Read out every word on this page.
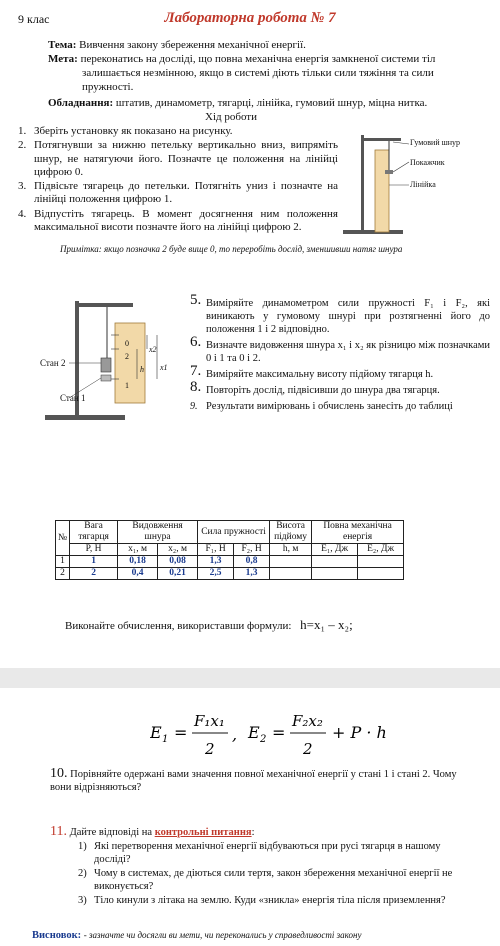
9 клас	Лабораторна робота № 7
Тема: Вивчення закону збереження механічної енергії.
Мета: переконатись на досліді, що повна механічна енергія замкненої системи тіл
залишається незмінною, якщо в системі діють тільки сили тяжіння та сили
пружності.
Обладнання: штатив, динамометр, тягарці, лінійка, гумовий шнур, міцна нитка.
Хід роботи
1. Зберіть установку як показано на рисунку.
2. Потягнувши за нижню петельку вертикально вниз, випряміть шнур, не натягуючи його. Позначте це положення на лінійці цифрою 0.
3. Підвісьте тягарець до петельки. Потягніть униз і позначте на лінійці положення цифрою 1.
4. Відпустіть тягарець. В момент досягнення ним положення максимальної висоти позначте його на лінійці цифрою 2.
Гумовий шнур
Покажчик
Лінійка
Примітка: якщо позначка 2 буде вище 0, то переробіть дослід, зменшивши натяг шнура
Стан 2
Стан 1
0
2
1
x2
x1
h
5. Виміряйте динамометром сили пружності F₁ і F₂, які виникають у гумовому шнурі при розтягненні його до положення 1 і 2 відповідно.
6. Визначте видовження шнура x₁ і x₂ як різницю між позначками 0 і 1 та 0 і 2.
7. Виміряйте максимальну висоту підйому тягарця h.
8. Повторіть дослід, підвісивши до шнура два тягарця.
9. Результати вимірювань і обчислень занесіть до таблиці
№	Вага тягарця	Видовження шнура		Сила пружності		Висота підйому	Повна механічна енергія	
	P, Н	x₁, м	x₂, м	F₁, Н	F₂, Н	h, м	E₁, Дж	E₂, Дж
1	1	0,18	0,08	1,3	0,8			
2	2	0,4	0,21	2,5	1,3			
Виконайте обчислення, використавши формули: h=x₁ – x₂;
E 1 =
F₁x₁
2
, E 2 =
F₂x₂
2
+ P · h
10. Порівняйте одержані вами значення повної механічної енергії у стані 1 і стані 2. Чому вони відрізняються?
11. Дайте відповіді на контрольні питання:
1) Які перетворення механічної енергії відбуваються при русі тягарця в нашому досліді?
2) Чому в системах, де діються сили тертя, закон збереження механічної енергії не виконується?
3) Тіло кинули з літака на землю. Куди «зникла» енергія тіла після приземлення?
Висновок: - зазначте чи досягли ви мети, чи переконались у справедливості закону
